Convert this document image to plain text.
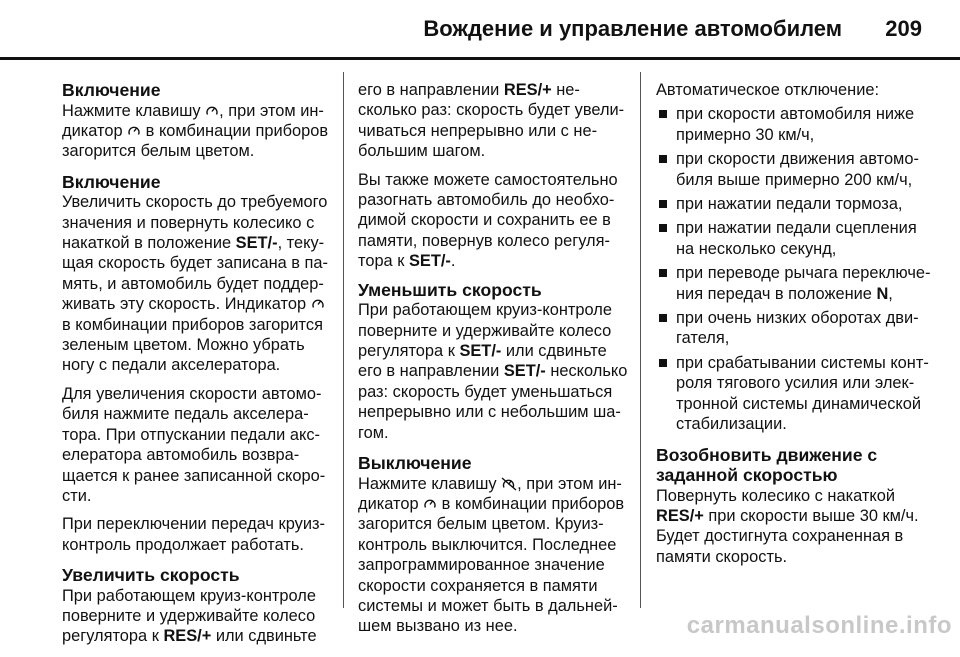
Вождение и управление автомобилем 209
Включение

Нажмите клавишу , при этом ин-дикатор  в комбинации приборов загорится белым цветом.

Включение

Увеличить скорость до требуемого значения и повернуть колесико с накаткой в положение SET/-, теку-щая скорость будет записана в па-мять, и автомобиль будет поддер-живать эту скорость. Индикатор  в комбинации приборов загорится зеленым цветом. Можно убрать ногу с педали акселератора.

Для увеличения скорости автомо-биля нажмите педаль акселера-тора. При отпускании педали акс-елератора автомобиль возвра-щается к ранее записанной скоро-сти.

При переключении передач круиз-контроль продолжает работать.

Увеличить скорость

При работающем круиз-контроле поверните и удерживайте колесо регулятора к RES/+ или сдвиньте

его в направлении RES/+ не-сколько раз: скорость будет увели-чиваться непрерывно или с не-большим шагом.

Вы также можете самостоятельно разогнать автомобиль до необхо-димой скорости и сохранить ее в памяти, повернув колесо регуля-тора к SET/-.

Уменьшить скорость

При работающем круиз-контроле поверните и удерживайте колесо регулятора к SET/- или сдвиньте его в направлении SET/- несколько раз: скорость будет уменьшаться непрерывно или с небольшим ша-гом.

Выключение

Нажмите клавишу , при этом ин-дикатор  в комбинации приборов загорится белым цветом. Круиз-контроль выключится. Последнее запрограммированное значение скорости сохраняется в памяти системы и может быть в дальней-шем вызвано из нее.

Автоматическое отключение:

при скорости автомобиля ниже примерно 30 км/ч,
при скорости движения автомо-биля выше примерно 200 км/ч,
при нажатии педали тормоза,
при нажатии педали сцепления на несколько секунд,
при переводе рычага переключе-ния передач в положение N,
при очень низких оборотах дви-гателя,
при срабатывании системы конт-роля тягового усилия или элек-тронной системы динамической стабилизации.
Возобновить движение с заданной скоростью

Повернуть колесико с накаткой RES/+ при скорости выше 30 км/ч. Будет достигнута сохраненная в памяти скорость.

carmanualsonline.info
